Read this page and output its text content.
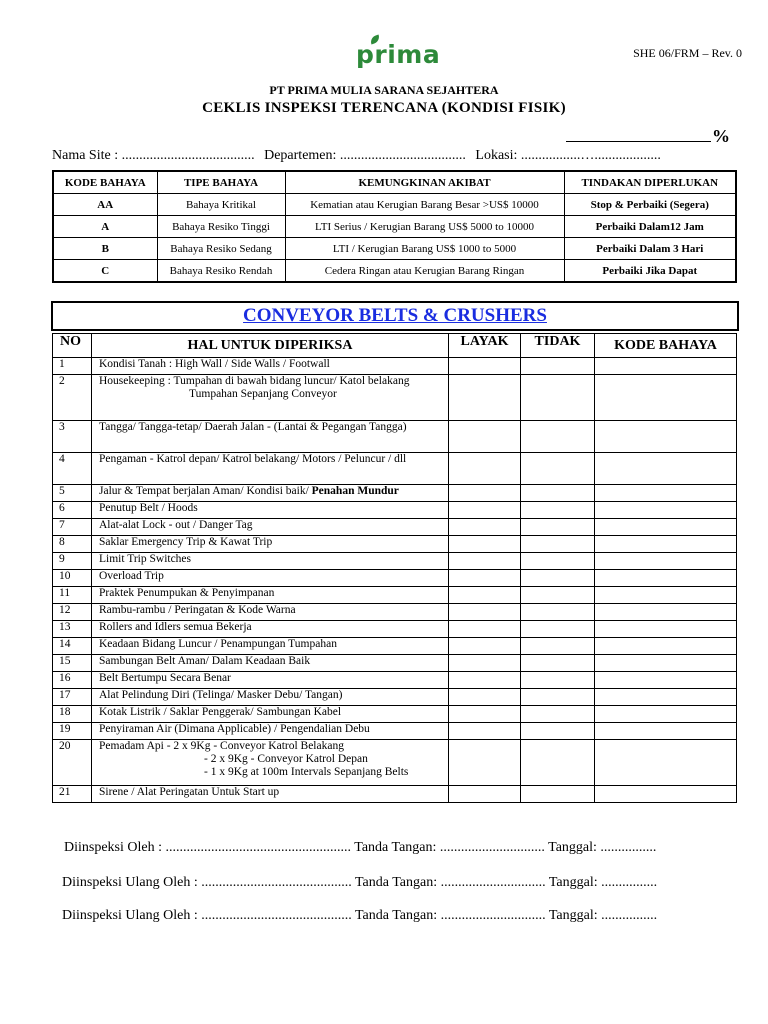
prima	SHE 06/FRM – Rev. 0
PT PRIMA MULIA SARANA SEJAHTERA
CEKLIS INSPEKSI TERENCANA (KONDISI FISIK)
%
Nama Site : ...................................... Departemen: .................................... Lokasi: .................…...................
KODE BAHAYA	TIPE BAHAYA	KEMUNGKINAN AKIBAT	TINDAKAN DIPERLUKAN
AA	Bahaya Kritikal	Kematian atau Kerugian Barang Besar >US$ 10000	Stop & Perbaiki (Segera)
A	Bahaya Resiko Tinggi	LTI Serius / Kerugian Barang US$ 5000 to 10000	Perbaiki Dalam12 Jam
B	Bahaya Resiko Sedang	LTI / Kerugian Barang US$ 1000 to 5000	Perbaiki Dalam 3 Hari
C	Bahaya Resiko Rendah	Cedera Ringan atau Kerugian Barang Ringan	Perbaiki Jika Dapat
CONVEYOR BELTS & CRUSHERS
NO	HAL UNTUK DIPERIKSA	LAYAK	TIDAK	KODE BAHAYA
1	Kondisi Tanah : High Wall / Side Walls / Footwall			
2	Housekeeping : Tumpahan di bawah bidang luncur/ Katol belakang
Tumpahan Sepanjang Conveyor			

3	Tangga/ Tangga-tetap/ Daerah Jalan - (Lantai & Pegangan Tangga)			
4	Pengaman - Katrol depan/ Katrol belakang/ Motors / Peluncur / dll			
5	Jalur & Tempat berjalan Aman/ Kondisi baik/ Penahan Mundur			
6	Penutup Belt / Hoods			
7	Alat-alat Lock - out / Danger Tag			
8	Saklar Emergency Trip & Kawat Trip			
9	Limit Trip Switches			
10	Overload Trip			
11	Praktek Penumpukan & Penyimpanan			
12	Rambu-rambu / Peringatan & Kode Warna			
13	Rollers and Idlers semua Bekerja			
14	Keadaan Bidang Luncur / Penampungan Tumpahan			
15	Sambungan Belt Aman/ Dalam Keadaan Baik			
16	Belt Bertumpu Secara Benar			
17	Alat Pelindung Diri (Telinga/ Masker Debu/ Tangan)			
18	Kotak Listrik / Saklar Penggerak/ Sambungan Kabel			
19	Penyiraman Air (Dimana Applicable) / Pengendalian Debu			
20	Pemadam Api - 2 x 9Kg - Conveyor Katrol Belakang
- 2 x 9Kg - Conveyor Katrol Depan
- 1 x 9Kg at 100m Intervals Sepanjang Belts			

21	Sirene / Alat Peringatan Untuk Start up			
Diinspeksi Oleh : ..................................................... Tanda Tangan: .............................. Tanggal: ................
Diinspeksi Ulang Oleh : ........................................... Tanda Tangan: .............................. Tanggal: ................
Diinspeksi Ulang Oleh : ........................................... Tanda Tangan: .............................. Tanggal: ................
